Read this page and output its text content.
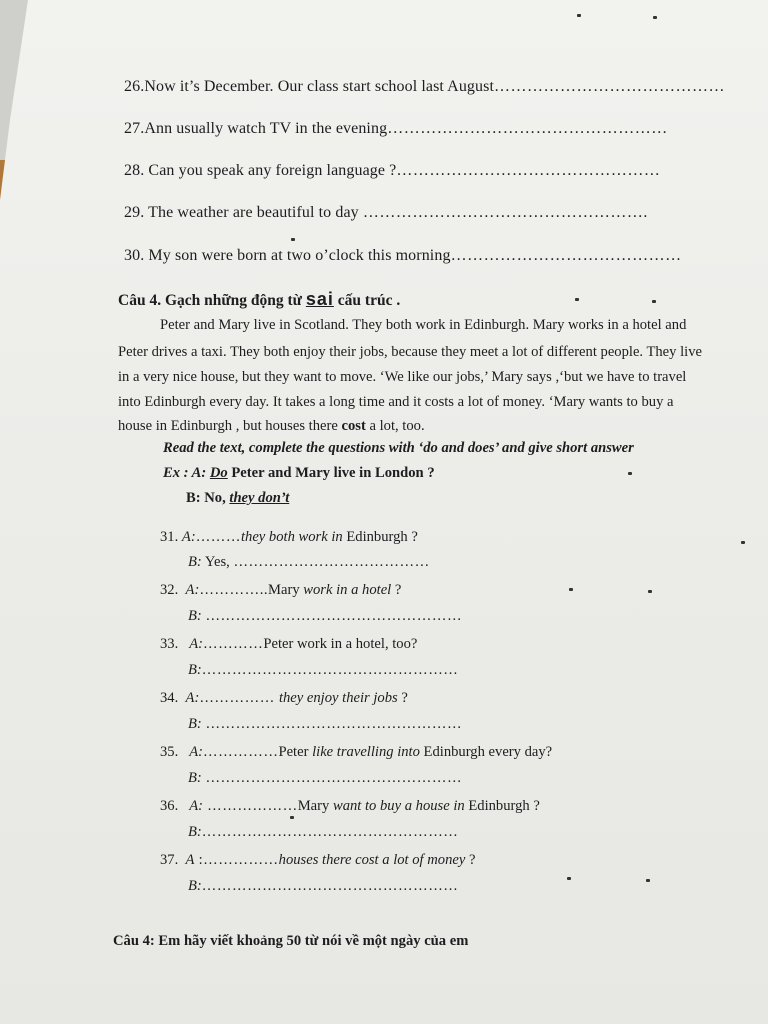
26.Now it’s December. Our class start school last August……………………………………
27.Ann usually watch TV in the evening……………………………………………
28. Can you speak any foreign language ?…………………………………………
29. The weather are beautiful to day …………………………………………….
30. My son were born at two o’clock this morning……………………………………
Câu 4. Gạch những động từ sai cấu trúc .
Peter and Mary live in Scotland. They both work in Edinburgh. Mary works in a hotel and
Peter drives a taxi. They both enjoy their jobs, because they meet a lot of different people. They live
in a very nice house, but they want to move. ‘We like our jobs,’ Mary says ,‘but we have to travel
into Edinburgh every day. It takes a long time and it costs a lot of money. ‘Mary wants to buy a
house in Edinburgh , but houses there cost a lot, too.
Read the text, complete the questions with ‘do and does’ and give short answer
Ex : A: Do Peter and Mary live in London ?
B: No, they don’t
31. A:………they both work in Edinburgh ?
B: Yes, …………………………………
32. A:…………..Mary work in a hotel ?
B: ……………………………………………
33. A:…………Peter work in a hotel, too?
B:……………………………………………
34. A:…………… they enjoy their jobs ?
B: ……………………………………………
35. A:……………Peter like travelling into Edinburgh every day?
B: ……………………………………………
36. A: ………………Mary want to buy a house in Edinburgh ?
B:……………………………………………
37. A :……………houses there cost a lot of money ?
B:……………………………………………
Câu 4: Em hãy viết khoảng 50 từ nói về một ngày của em
